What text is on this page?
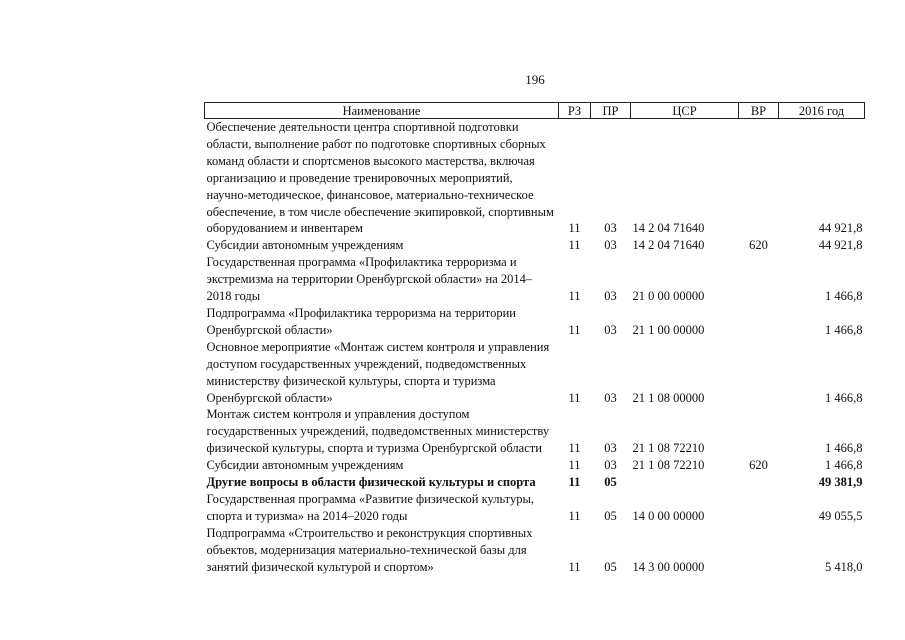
196
Наименование	РЗ	ПР	ЦСР	ВР	2016 год
Обеспечение деятельности центра спортивной подготовки области, выполнение работ по подготовке спортивных сборных команд области и спортсменов высокого мастерства, включая организацию и проведение тренировочных мероприятий, научно-методическое, финансовое, материально-техническое обеспечение, в том числе обеспечение экипировкой, спортивным оборудованием и инвентарем	11	03	14 2 04 71640		44 921,8
Субсидии автономным учреждениям	11	03	14 2 04 71640	620	44 921,8
Государственная программа «Профилактика терроризма и экстремизма на территории Оренбургской области» на 2014–2018 годы	11	03	21 0 00 00000		1 466,8
Подпрограмма «Профилактика терроризма на территории Оренбургской области»	11	03	21 1 00 00000		1 466,8
Основное мероприятие «Монтаж систем контроля и управления доступом государственных учреждений, подведомственных министерству физической культуры, спорта и туризма Оренбургской области»	11	03	21 1 08 00000		1 466,8
Монтаж систем контроля и управления доступом государственных учреждений, подведомственных министерству физической культуры, спорта и туризма Оренбургской области	11	03	21 1 08 72210		1 466,8
Субсидии автономным учреждениям	11	03	21 1 08 72210	620	1 466,8
Другие вопросы в области физической культуры и спорта	11	05			49 381,9
Государственная программа «Развитие физической культуры, спорта и туризма» на 2014–2020 годы	11	05	14 0 00 00000		49 055,5
Подпрограмма «Строительство и реконструкция спортивных объектов, модернизация материально-технической базы для занятий физической культурой и спортом»	11	05	14 3 00 00000		5 418,0
